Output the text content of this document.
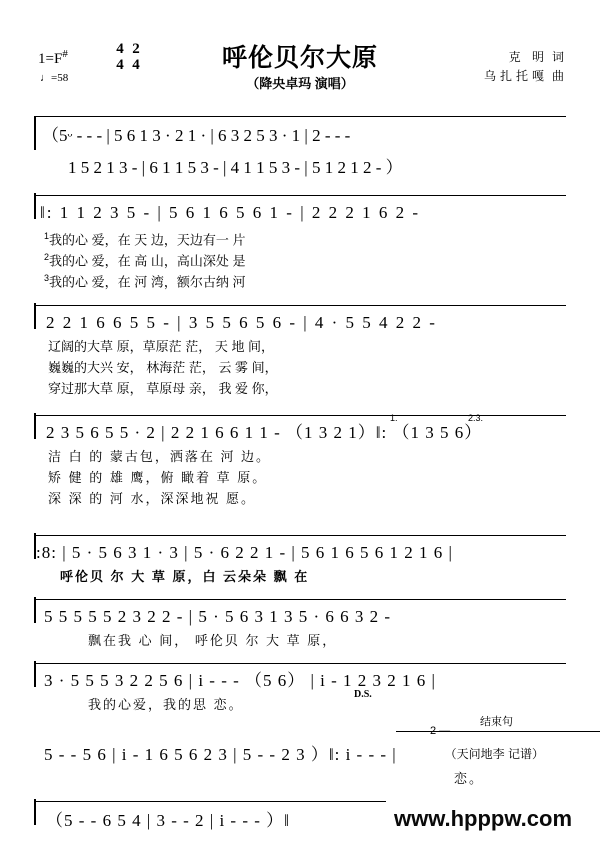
1=F#	4
4
2
4
♩=58
呼伦贝尔大原
（降央卓玛 演唱）
克 明 词
乌扎托嘎 曲
（5ᵕ - - - | 5 6 1 3 · 2 1 · | 6 3 2 5 3 · 1 | 2 - - -
1 5 2 1 3 - | 6 1 1 5 3 - | 4 1 1 5 3 - | 5 1 2 1 2 - ）
‖: 1 1 2 3 5 - | 5 6 1 6 5 6 1 - | 2 2 2 1 6 2 -
$^1$我的心 爱，在 天 边，天边有一 片
$^2$我的心 爱，在 高 山，高山深处 是
$^3$我的心 爱，在 河 湾，额尔古纳 河
2 2 1 6 6 5 5 - | 3 5 5 6 5 6 - | 4 · 5 5 4 2 2 -
辽阔的大草 原，草原茫 茫， 天 地 间，
巍巍的大兴 安， 林海茫 茫， 云 雾 间，
穿过那大草 原， 草原母 亲， 我 爱 你，
1.	2.3.
2 3 5 6 5 5 · 2 | 2 2 1 6 6 1 1 - （1 3 2 1）‖: （1 3 5 6）
洁 白 的 蒙古包，洒落在 河 边。
矫 健 的 雄 鹰，俯 瞰着 草 原。
深 深 的 河 水，深深地祝 愿。
:8: | 5 · 5 6 3 1 · 3 | 5 · 6 2 2 1 - | 5 6 1 6 5 6 1 2 1 6 |
呼伦贝 尔 大 草 原，白 云朵朵 飘 在
5 5 5 5 5 2 3 2 2 - | 5 · 5 6 3 1 3 5 · 6 6 3 2 -
飘在我 心 间， 呼伦贝 尔 大 草 原，
3 · 5 5 5 3 2 2 5 6 | i - - - （5 6） | i - 1 2 3 2 1 6 |
我的心爱，我的思 恋。
D.S.
结束句
2 —
5 - - 5 6 | i - 1 6 5 6 2 3 | 5 - - 2 3 ）‖: i - - - |
恋。
（5 - - 6 5 4 | 3 - - 2 | i - - - ）‖
（天问地李 记谱）
www.hpppw.com
